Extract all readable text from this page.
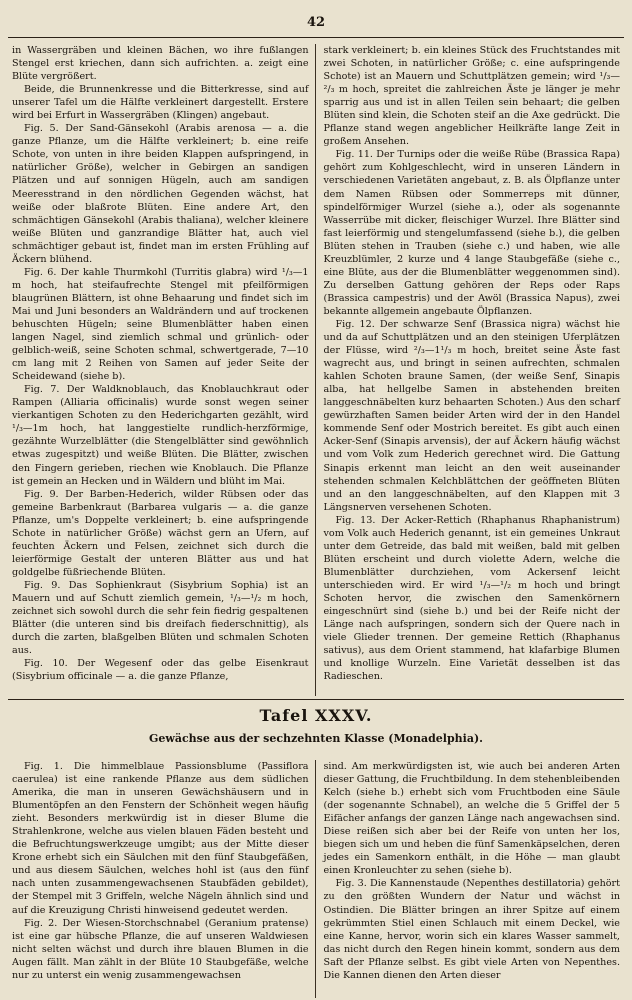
42

in Wassergräben und kleinen Bächen, wo ihre fußlangen Stengel erst kriechen, dann sich aufrichten. a. zeigt eine Blüte vergrößert.

Beide, die Brunnenkresse und die Bitterkresse, sind auf unserer Tafel um die Hälfte verkleinert dargestellt. Erstere wird bei Erfurt in Wassergräben (Klingen) angebaut.

Fig. 5. Der Sand-Gänsekohl (Arabis arenosa — a. die ganze Pflanze, um die Hälfte verkleinert; b. eine reife Schote, von unten in ihre beiden Klappen aufspringend, in natürlicher Größe), welcher in Gebirgen an sandigen Plätzen und auf sonnigen Hügeln, auch am sandigen Meeresstrand in den nördlichen Gegenden wächst, hat weiße oder blaßrote Blüten. Eine andere Art, den schmächtigen Gänsekohl (Arabis thaliana), welcher kleinere weiße Blüten und ganzrandige Blätter hat, auch viel schmächtiger gebaut ist, findet man im ersten Frühling auf Äckern blühend.

Fig. 6. Der kahle Thurmkohl (Turritis glabra) wird ¹/₃—1 m hoch, hat steifaufrechte Stengel mit pfeilförmigen blaugrünen Blättern, ist ohne Behaarung und findet sich im Mai und Juni besonders an Waldrändern und auf trockenen behuschten Hügeln; seine Blumenblätter haben einen langen Nagel, sind ziemlich schmal und grünlich- oder gelblich-weiß, seine Schoten schmal, schwertgerade, 7—10 cm lang mit 2 Reihen von Samen auf jeder Seite der Scheidewand (siehe b).

Fig. 7. Der Waldknoblauch, das Knoblauchkraut oder Rampen (Alliaria officinalis) wurde sonst wegen seiner vierkantigen Schoten zu den Hederichgarten gezählt, wird ¹/₃—1m hoch, hat langgestielte rundlich-herzförmige, gezähnte Wurzelblätter (die Stengelblätter sind gewöhnlich etwas zugespitzt) und weiße Blüten. Die Blätter, zwischen den Fingern gerieben, riechen wie Knoblauch. Die Pflanze ist gemein an Hecken und in Wäldern und blüht im Mai.

Fig. 9. Der Barben-Hederich, wilder Rübsen oder das gemeine Barbenkraut (Barbarea vulgaris — a. die ganze Pflanze, um's Doppelte verkleinert; b. eine aufspringende Schote in natürlicher Größe) wächst gern an Ufern, auf feuchten Äckern und Felsen, zeichnet sich durch die leierförmige Gestalt der unteren Blätter aus und hat goldgelbe füßriechende Blüten.

Fig. 9. Das Sophienkraut (Sisybrium Sophia) ist an Mauern und auf Schutt ziemlich gemein, ¹/₃—¹/₂ m hoch, zeichnet sich sowohl durch die sehr fein fiedrig gespaltenen Blätter (die unteren sind bis dreifach fiederschnittig), als durch die zarten, blaßgelben Blüten und schmalen Schoten aus.

Fig. 10. Der Wegesenf oder das gelbe Eisenkraut (Sisybrium officinale — a. die ganze Pflanze,

stark verkleinert; b. ein kleines Stück des Fruchtstandes mit zwei Schoten, in natürlicher Größe; c. eine aufspringende Schote) ist an Mauern und Schuttplätzen gemein; wird ¹/₃—²/₃ m hoch, spreitet die zahlreichen Äste je länger je mehr sparrig aus und ist in allen Teilen sein behaart; die gelben Blüten sind klein, die Schoten steif an die Axe gedrückt. Die Pflanze stand wegen angeblicher Heilkräfte lange Zeit in großem Ansehen.

Fig. 11. Der Turnips oder die weiße Rübe (Brassica Rapa) gehört zum Kohlgeschlecht, wird in unseren Ländern in verschiedenen Varietäten angebaut, z. B. als Ölpflanze unter dem Namen Rübsen oder Sommerreps mit dünner, spindelförmiger Wurzel (siehe a.), oder als sogenannte Wasserrübe mit dicker, fleischiger Wurzel. Ihre Blätter sind fast leierförmig und stengelumfassend (siehe b.), die gelben Blüten stehen in Trauben (siehe c.) und haben, wie alle Kreuzblümler, 2 kurze und 4 lange Staubgefäße (siehe c., eine Blüte, aus der die Blumenblätter weggenommen sind). Zu derselben Gattung gehören der Reps oder Raps (Brassica campestris) und der Awöl (Brassica Napus), zwei bekannte allgemein angebaute Ölpflanzen.

Fig. 12. Der schwarze Senf (Brassica nigra) wächst hie und da auf Schuttplätzen und an den steinigen Uferplätzen der Flüsse, wird ²/₃—1¹/₃ m hoch, breitet seine Äste fast wagrecht aus, und bringt in seinen aufrechten, schmalen kahlen Schoten braune Samen, (der weiße Senf, Sinapis alba, hat hellgelbe Samen in abstehenden breiten langgeschnäbelten kurz behaarten Schoten.) Aus den scharf gewürzhaften Samen beider Arten wird der in den Handel kommende Senf oder Mostrich bereitet. Es gibt auch einen Acker-Senf (Sinapis arvensis), der auf Äckern häufig wächst und vom Volk zum Hederich gerechnet wird. Die Gattung Sinapis erkennt man leicht an den weit auseinander stehenden schmalen Kelchblättchen der geöffneten Blüten und an den langgeschnäbelten, auf den Klappen mit 3 Längsnerven versehenen Schoten.

Fig. 13. Der Acker-Rettich (Rhaphanus Rhaphanistrum) vom Volk auch Hederich genannt, ist ein gemeines Unkraut unter dem Getreide, das bald mit weißen, bald mit gelben Blüten erscheint und durch violette Adern, welche die Blumenblätter durchziehen, vom Ackersenf leicht unterschieden wird. Er wird ¹/₃—¹/₂ m hoch und bringt Schoten hervor, die zwischen den Samenkörnern eingeschnürt sind (siehe b.) und bei der Reife nicht der Länge nach aufspringen, sondern sich der Quere nach in viele Glieder trennen. Der gemeine Rettich (Rhaphanus sativus), aus dem Orient stammend, hat klafarbige Blumen und knollige Wurzeln. Eine Varietät desselben ist das Radieschen.

Tafel XXXV.
Gewächse aus der sechzehnten Klasse (Monadelphia).

Fig. 1. Die himmelblaue Passionsblume (Passiflora caerulea) ist eine rankende Pflanze aus dem südlichen Amerika, die man in unseren Gewächshäusern und in Blumentöpfen an den Fenstern der Schönheit wegen häufig zieht. Besonders merkwürdig ist in dieser Blume die Strahlenkrone, welche aus vielen blauen Fäden besteht und die Befruchtungswerkzeuge umgibt; aus der Mitte dieser Krone erhebt sich ein Säulchen mit den fünf Staubgefäßen, und aus diesem Säulchen, welches hohl ist (aus den fünf nach unten zusammengewachsenen Staubfäden gebildet), der Stempel mit 3 Griffeln, welche Nägeln ähnlich sind und auf die Kreuzigung Christi hinweisend gedeutet werden.

Fig. 2. Der Wiesen-Storchschnabel (Geranium pratense) ist eine gar hübsche Pflanze, die auf unseren Waldwiesen nicht selten wächst und durch ihre blauen Blumen in die Augen fällt. Man zählt in der Blüte 10 Staubgefäße, welche nur zu unterst ein wenig zusammengewachsen

sind. Am merkwürdigsten ist, wie auch bei anderen Arten dieser Gattung, die Fruchtbildung. In dem stehenbleibenden Kelch (siehe b.) erhebt sich vom Fruchtboden eine Säule (der sogenannte Schnabel), an welche die 5 Griffel der 5 Eifächer anfangs der ganzen Länge nach angewachsen sind. Diese reißen sich aber bei der Reife von unten her los, biegen sich um und heben die fünf Samenkäpselchen, deren jedes ein Samenkorn enthält, in die Höhe — man glaubt einen Kronleuchter zu sehen (siehe b).

Fig. 3. Die Kannenstaude (Nepenthes destillatoria) gehört zu den größten Wundern der Natur und wächst in Ostindien. Die Blätter bringen an ihrer Spitze auf einem gekrümmten Stiel einen Schlauch mit einem Deckel, wie eine Kanne, hervor, worin sich ein klares Wasser sammelt, das nicht durch den Regen hinein kommt, sondern aus dem Saft der Pflanze selbst. Es gibt viele Arten von Nepenthes. Die Kannen dienen den Arten dieser
